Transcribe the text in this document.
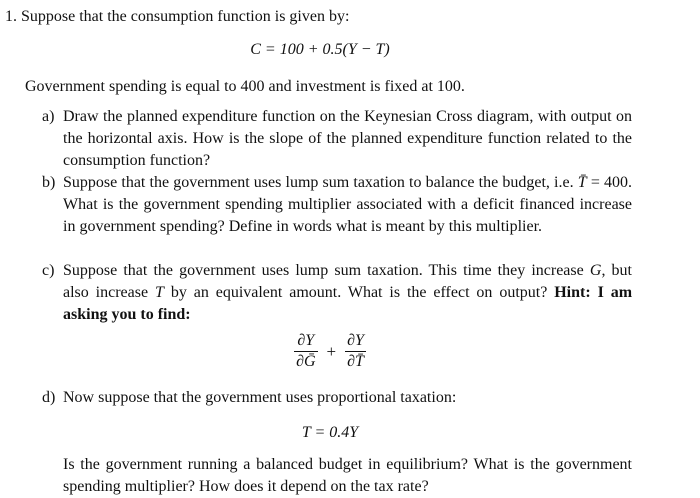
1. Suppose that the consumption function is given by:
C = 100 + 0.5(Y − T)
Government spending is equal to 400 and investment is fixed at 100.
a) Draw the planned expenditure function on the Keynesian Cross diagram, with output on the horizontal axis. How is the slope of the planned expenditure function related to the consumption function?
b) Suppose that the government uses lump sum taxation to balance the budget, i.e. T̄ = 400. What is the government spending multiplier associated with a deficit financed increase in government spending? Define in words what is meant by this multiplier.
c) Suppose that the government uses lump sum taxation. This time they increase G, but also increase T by an equivalent amount. What is the effect on output? Hint: I am asking you to find:
$\frac{\partial Y}{\text{∂Ḡ}} + \frac{\partial Y}{\partial T̄}$
d) Now suppose that the government uses proportional taxation:
T = 0.4Y
Is the government running a balanced budget in equilibrium? What is the government spending multiplier? How does it depend on the tax rate?
